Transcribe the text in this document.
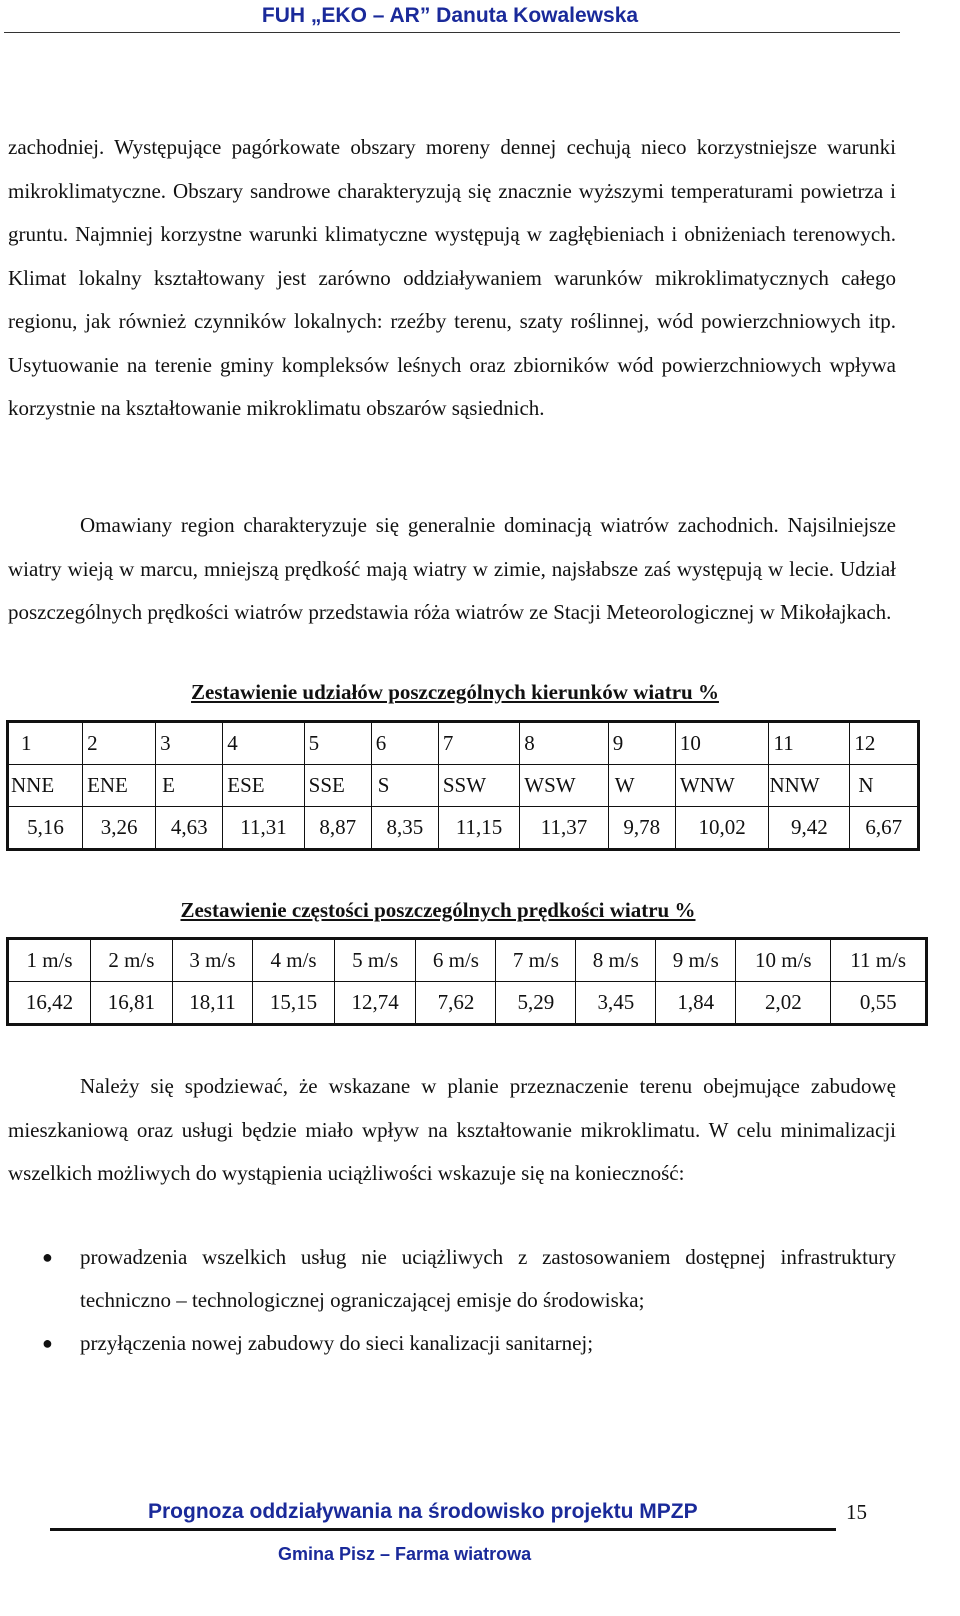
FUH „EKO – AR” Danuta Kowalewska

zachodniej. Występujące pagórkowate obszary moreny dennej cechują nieco korzystniejsze warunki mikroklimatyczne. Obszary sandrowe charakteryzują się znacznie wyższymi temperaturami powietrza i gruntu. Najmniej korzystne warunki klimatyczne występują w zagłębieniach i obniżeniach terenowych. Klimat lokalny kształtowany jest zarówno oddziaływaniem warunków mikroklimatycznych całego regionu, jak również czynników lokalnych: rzeźby terenu, szaty roślinnej, wód powierzchniowych itp. Usytuowanie na terenie gminy kompleksów leśnych oraz zbiorników wód powierzchniowych wpływa korzystnie na kształtowanie mikroklimatu obszarów sąsiednich.

Omawiany region charakteryzuje się generalnie dominacją wiatrów zachodnich. Najsilniejsze wiatry wieją w marcu, mniejszą prędkość mają wiatry w zimie, najsłabsze zaś występują w lecie. Udział poszczególnych prędkości wiatrów przedstawia róża wiatrów ze Stacji Meteorologicznej w Mikołajkach.

Zestawienie udziałów poszczególnych kierunków wiatru %
1	2	3	4	5	6	7	8	9	10	11	12
NNE	ENE	E	ESE	SSE	S	SSW	WSW	W	WNW	NNW	N
5,16	3,26	4,63	11,31	8,87	8,35	11,15	11,37	9,78	10,02	9,42	6,67
Zestawienie częstości poszczególnych prędkości wiatru %
1 m/s	2 m/s	3 m/s	4 m/s	5 m/s	6 m/s	7 m/s	8 m/s	9 m/s	10 m/s	11 m/s
16,42	16,81	18,11	15,15	12,74	7,62	5,29	3,45	1,84	2,02	0,55

Należy się spodziewać, że wskazane w planie przeznaczenie terenu obejmujące zabudowę mieszkaniową oraz usługi będzie miało wpływ na kształtowanie mikroklimatu. W celu minimalizacji wszelkich możliwych do wystąpienia uciążliwości wskazuje się na konieczność:

● prowadzenia wszelkich usług nie uciążliwych z zastosowaniem dostępnej infrastruktury techniczno – technologicznej ograniczającej emisje do środowiska;
● przyłączenia nowej zabudowy do sieci kanalizacji sanitarnej;
Prognoza oddziaływania na środowisko projektu MPZP	15
Gmina Pisz – Farma wiatrowa
